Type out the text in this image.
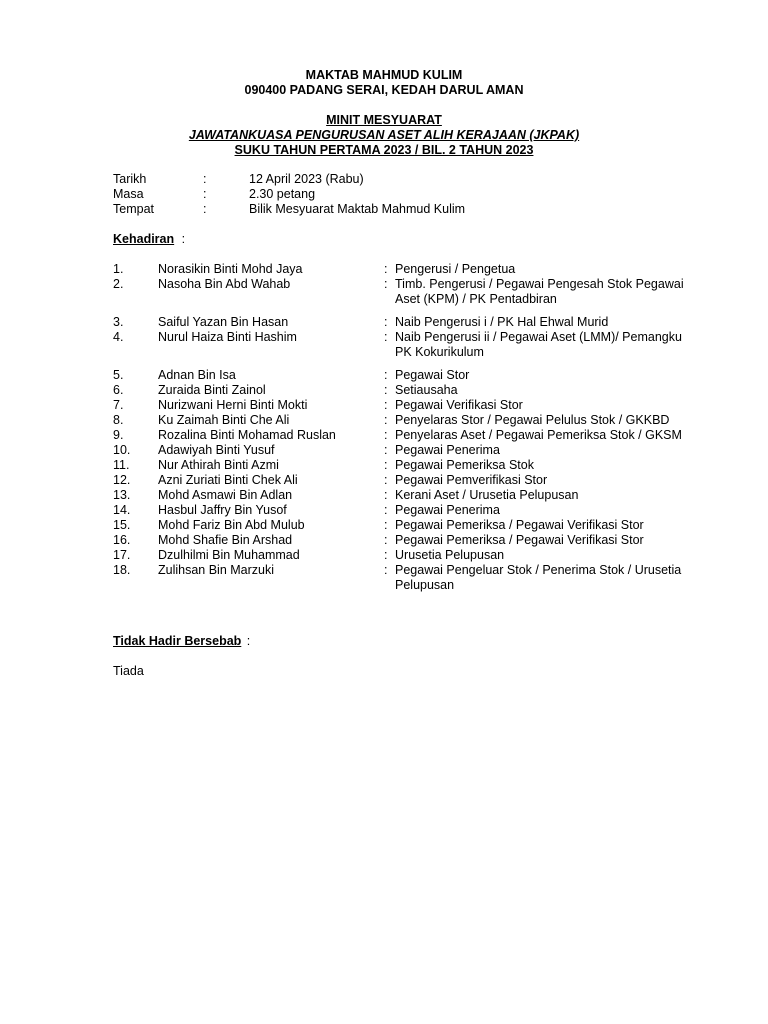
MAKTAB MAHMUD KULIM
090400 PADANG SERAI, KEDAH DARUL AMAN
MINIT MESYUARAT
JAWATANKUASA PENGURUSAN ASET ALIH KERAJAAN (JKPAK)
SUKU TAHUN PERTAMA 2023 / BIL. 2 TAHUN 2023
Tarikh	:	12 April 2023 (Rabu)
Masa	:	2.30 petang
Tempat	:	Bilik Mesyuarat Maktab Mahmud Kulim
Kehadiran :
1.	Norasikin Binti Mohd Jaya	: Pengerusi / Pengetua
2.	Nasoha Bin Abd Wahab	: Timb. Pengerusi / Pegawai Pengesah Stok Pegawai Aset (KPM) / PK Pentadbiran
3.	Saiful Yazan Bin Hasan	: Naib Pengerusi i / PK Hal Ehwal Murid
4.	Nurul Haiza Binti Hashim	: Naib Pengerusi ii / Pegawai Aset (LMM)/ Pemangku PK Kokurikulum
5.	Adnan Bin Isa	: Pegawai Stor
6.	Zuraida Binti Zainol	: Setiausaha
7.	Nurizwani Herni Binti Mokti	: Pegawai Verifikasi Stor
8.	Ku Zaimah Binti Che Ali	: Penyelaras Stor / Pegawai Pelulus Stok / GKKBD
9.	Rozalina Binti Mohamad Ruslan	: Penyelaras Aset / Pegawai Pemeriksa Stok / GKSM
10. Adawiyah Binti Yusuf	: Pegawai Penerima
11. Nur Athirah Binti Azmi	: Pegawai Pemeriksa Stok
12. Azni Zuriati Binti Chek Ali	: Pegawai Pemverifikasi Stor
13. Mohd Asmawi Bin Adlan	: Kerani Aset / Urusetia Pelupusan
14. Hasbul Jaffry Bin Yusof	: Pegawai Penerima
15. Mohd Fariz Bin Abd Mulub	: Pegawai Pemeriksa / Pegawai Verifikasi Stor
16. Mohd Shafie Bin Arshad	: Pegawai Pemeriksa / Pegawai Verifikasi Stor
17. Dzulhilmi Bin Muhammad	: Urusetia Pelupusan
18. Zulihsan Bin Marzuki	: Pegawai Pengeluar Stok / Penerima Stok / Urusetia Pelupusan
Tidak Hadir Bersebab :
Tiada
